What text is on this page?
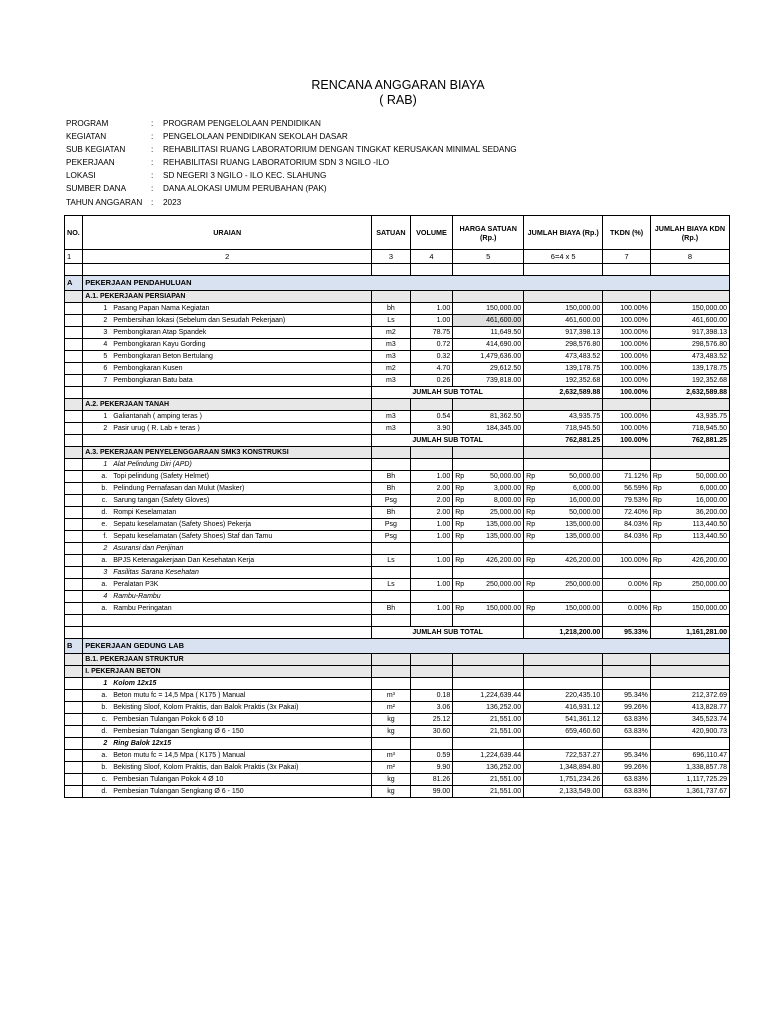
RENCANA ANGGARAN BIAYA
( RAB)
PROGRAM	: PROGRAM PENGELOLAAN PENDIDIKAN
KEGIATAN	: PENGELOLAAN PENDIDIKAN SEKOLAH DASAR
SUB KEGIATAN	: REHABILITASI RUANG LABORATORIUM DENGAN TINGKAT KERUSAKAN MINIMAL SEDANG
PEKERJAAN	: REHABILITASI RUANG LABORATORIUM SDN 3 NGILO -ILO
LOKASI	: SD NEGERI 3 NGILO - ILO KEC. SLAHUNG
SUMBER DANA	: DANA ALOKASI UMUM PERUBAHAN (PAK)
TAHUN ANGGARAN : 2023
NO.	URAIAN	SATUAN	VOLUME	HARGA SATUAN (Rp.)	JUMLAH BIAYA (Rp.)	TKDN (%)	JUMLAH BIAYA KDN (Rp.)
1	2	3	4	5	6=4 x 5	7	8

A	PEKERJAAN PENDAHULUAN						
	A.1. PEKERJAAN PERSIAPAN						
	1 Pasang Papan Nama Kegiatan	bh	1.00	150,000.00	150,000.00	100.00%	150,000.00
	2 Pembersihan lokasi (Sebelum dan Sesudah Pekerjaan)	Ls	1.00	461,600.00	461,600.00	100.00%	461,600.00
	3 Pembongkaran Atap Spandek	m2	78.75	11,649.50	917,398.13	100.00%	917,398.13
	4 Pembongkaran Kayu Gording	m3	0.72	414,690.00	298,576.80	100.00%	298,576.80
	5 Pembongkaran Beton Bertulang	m3	0.32	1,479,636.00	473,483.52	100.00%	473,483.52
	6 Pembongkaran Kusen	m2	4.70	29,612.50	139,178.75	100.00%	139,178.75
	7 Pembongkaran Batu bata	m3	0.26	739,818.00	192,352.68	100.00%	192,352.68
		JUMLAH SUB TOTAL			2,632,589.88	100.00%	2,632,589.88
	A.2. PEKERJAAN TANAH						
	1 Galiantanah ( amping teras )	m3	0.54	81,362.50	43,935.75	100.00%	43,935.75
	2 Pasir urug ( R. Lab + teras )	m3	3.90	184,345.00	718,945.50	100.00%	718,945.50
		JUMLAH SUB TOTAL			762,881.25	100.00%	762,881.25
	A.3. PEKERJAAN PENYELENGGARAAN SMK3 KONSTRUKSI						
	1 Alat Pelindung Diri (APD)						
	a. Topi pelindung (Safety Helmet)	Bh	1.00	Rp 50,000.00	Rp 50,000.00	71.12%	Rp 50,000.00
	b. Pelindung Pernafasan dan Mulut (Masker)	Bh	2.00	Rp 3,000.00	Rp 6,000.00	56.59%	Rp 6,000.00
	c. Sarung tangan (Safety Gloves)	Psg	2.00	Rp 8,000.00	Rp 16,000.00	79.53%	Rp 16,000.00
	d. Rompi Keselamatan	Bh	2.00	Rp 25,000.00	Rp 50,000.00	72.40%	Rp 36,200.00
	e. Sepatu keselamatan (Safety Shoes) Pekerja	Psg	1.00	Rp 135,000.00	Rp 135,000.00	84.03%	Rp 113,440.50
	f. Sepatu keselamatan (Safety Shoes) Staf dan Tamu	Psg	1.00	Rp 135,000.00	Rp 135,000.00	84.03%	Rp 113,440.50
	2 Asuransi dan Perijinan						
	a. BPJS Ketenagakerjaan Dan Kesehatan Kerja	Ls	1.00	Rp 426,200.00	Rp 426,200.00	100.00%	Rp 426,200.00
	3 Fasilitas Sarana Kesehatan						
	a. Peralatan P3K	Ls	1.00	Rp 250,000.00	Rp 250,000.00	0.00%	Rp 250,000.00
	4 Rambu-Rambu						
	a. Rambu Peringatan	Bh	1.00	Rp 150,000.00	Rp 150,000.00	0.00%	Rp 150,000.00

		JUMLAH SUB TOTAL			1,218,200.00	95.33%	1,161,281.00
B	PEKERJAAN GEDUNG LAB						
	B.1. PEKERJAAN STRUKTUR						
	I. PEKERJAAN BETON						
	1 Kolom 12x15						
	a. Beton mutu fc = 14,5 Mpa ( K175 ) Manual	m³	0.18	1,224,639.44	220,435.10	95.34%	212,372.69
	b. Bekisting Sloof, Kolom Praktis, dan Balok Praktis (3x Pakai)	m²	3.06	136,252.00	416,931.12	99.26%	413,828.77
	c. Pembesian Tulangan Pokok 6 Ø 10	kg	25.12	21,551.00	541,361.12	63.83%	345,523.74
	d. Pembesian Tulangan Sengkang Ø 6 - 150	kg	30.60	21,551.00	659,460.60	63.83%	420,900.73
	2 Ring Balok 12x15						
	a. Beton mutu fc = 14,5 Mpa ( K175 ) Manual	m³	0.59	1,224,639.44	722,537.27	95.34%	696,110.47
	b. Bekisting Sloof, Kolom Praktis, dan Balok Praktis (3x Pakai)	m²	9.90	136,252.00	1,348,894.80	99.26%	1,338,857.78
	c. Pembesian Tulangan Pokok 4 Ø 10	kg	81.26	21,551.00	1,751,234.26	63.83%	1,117,725.29
	d. Pembesian Tulangan Sengkang Ø 6 - 150	kg	99.00	21,551.00	2,133,549.00	63.83%	1,361,737.67
